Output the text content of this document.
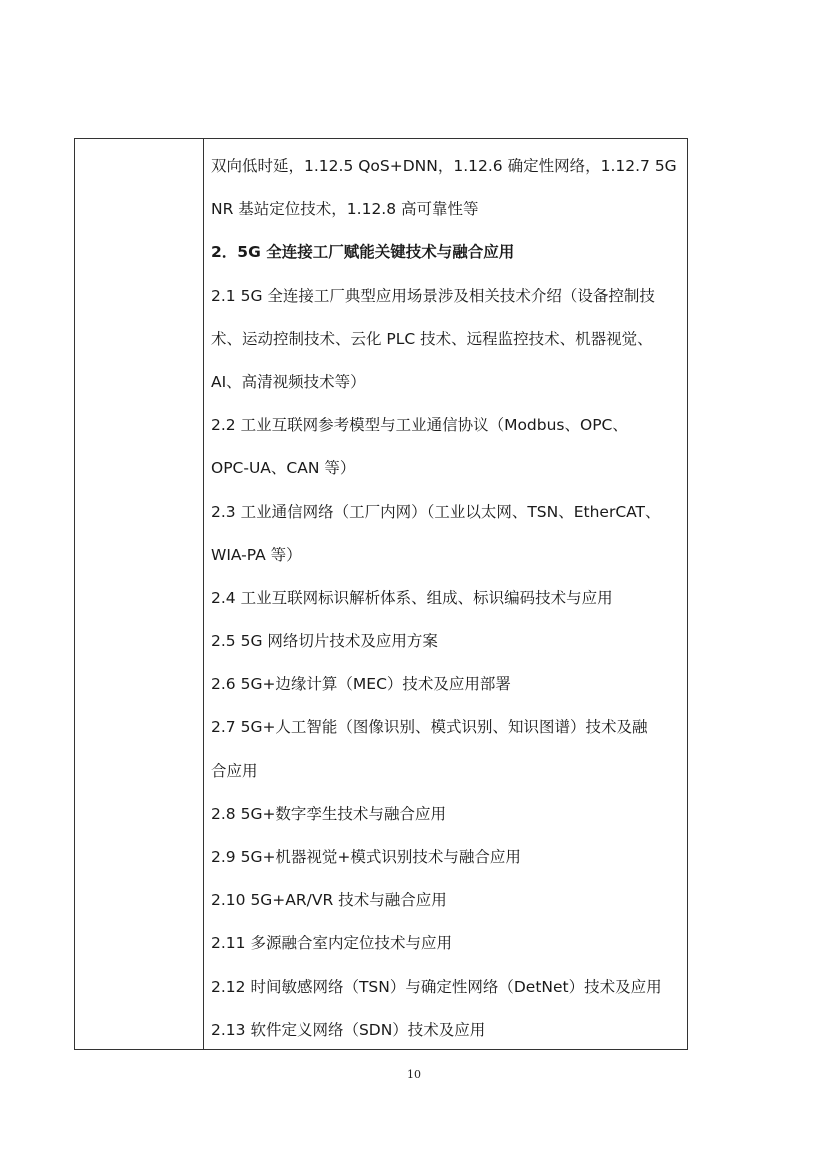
双向低时延，1.12.5 QoS+DNN，1.12.6 确定性网络，1.12.7 5G
NR 基站定位技术，1.12.8 高可靠性等
2．5G 全连接工厂赋能关键技术与融合应用
2.1 5G 全连接工厂典型应用场景涉及相关技术介绍（设备控制技
术、运动控制技术、云化 PLC 技术、远程监控技术、机器视觉、
AI、高清视频技术等）
2.2 工业互联网参考模型与工业通信协议（Modbus、OPC、
OPC-UA、CAN 等）
2.3 工业通信网络（工厂内网）（工业以太网、TSN、EtherCAT、
WIA-PA 等）
2.4 工业互联网标识解析体系、组成、标识编码技术与应用
2.5 5G 网络切片技术及应用方案
2.6 5G+边缘计算（MEC）技术及应用部署
2.7 5G+人工智能（图像识别、模式识别、知识图谱）技术及融
合应用
2.8 5G+数字孪生技术与融合应用
2.9 5G+机器视觉+模式识别技术与融合应用
2.10 5G+AR/VR 技术与融合应用
2.11 多源融合室内定位技术与应用
2.12 时间敏感网络（TSN）与确定性网络（DetNet）技术及应用
2.13 软件定义网络（SDN）技术及应用
10
